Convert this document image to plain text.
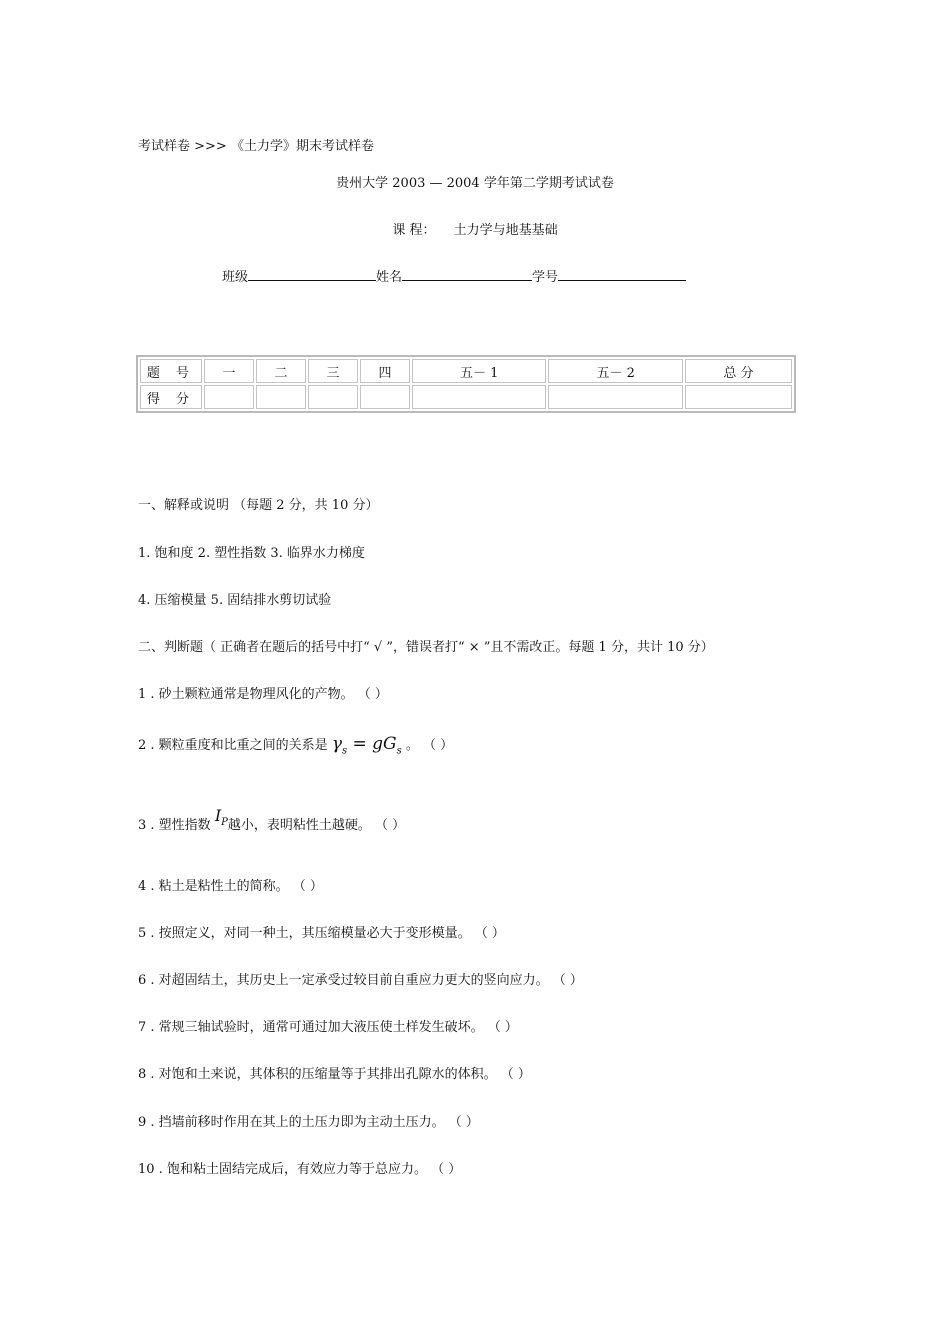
考试样卷 >>> 《土力学》期末考试样卷
贵州大学 2003 — 2004 学年第二学期考试试卷
课 程： 土力学与地基基础
班级	姓名	学号
题 号	一	二	三	四	五－ 1	五－ 2	总 分
得 分							
一、解释或说明 （每题 2 分，共 10 分）
1. 饱和度 2. 塑性指数 3. 临界水力梯度
4. 压缩模量 5. 固结排水剪切试验
二、判断题（ 正确者在题后的括号中打“ √ ”，错误者打“ × ”且不需改正。每题 1 分，共计 10 分）
1 . 砂土颗粒通常是物理风化的产物。 （ ）
2 . 颗粒重度和比重之间的关系是 $\gamma_s = gG_s$ 。 （ ）
3 . 塑性指数 $I_P$越小，表明粘性土越硬。 （ ）
4 . 粘土是粘性土的简称。 （ ）
5 . 按照定义，对同一种土，其压缩模量必大于变形模量。 （ ）
6 . 对超固结土，其历史上一定承受过较目前自重应力更大的竖向应力。 （ ）
7 . 常规三轴试验时，通常可通过加大液压使土样发生破坏。 （ ）
8 . 对饱和土来说，其体积的压缩量等于其排出孔隙水的体积。 （ ）
9 . 挡墙前移时作用在其上的土压力即为主动土压力。 （ ）
10 . 饱和粘土固结完成后，有效应力等于总应力。 （ ）
